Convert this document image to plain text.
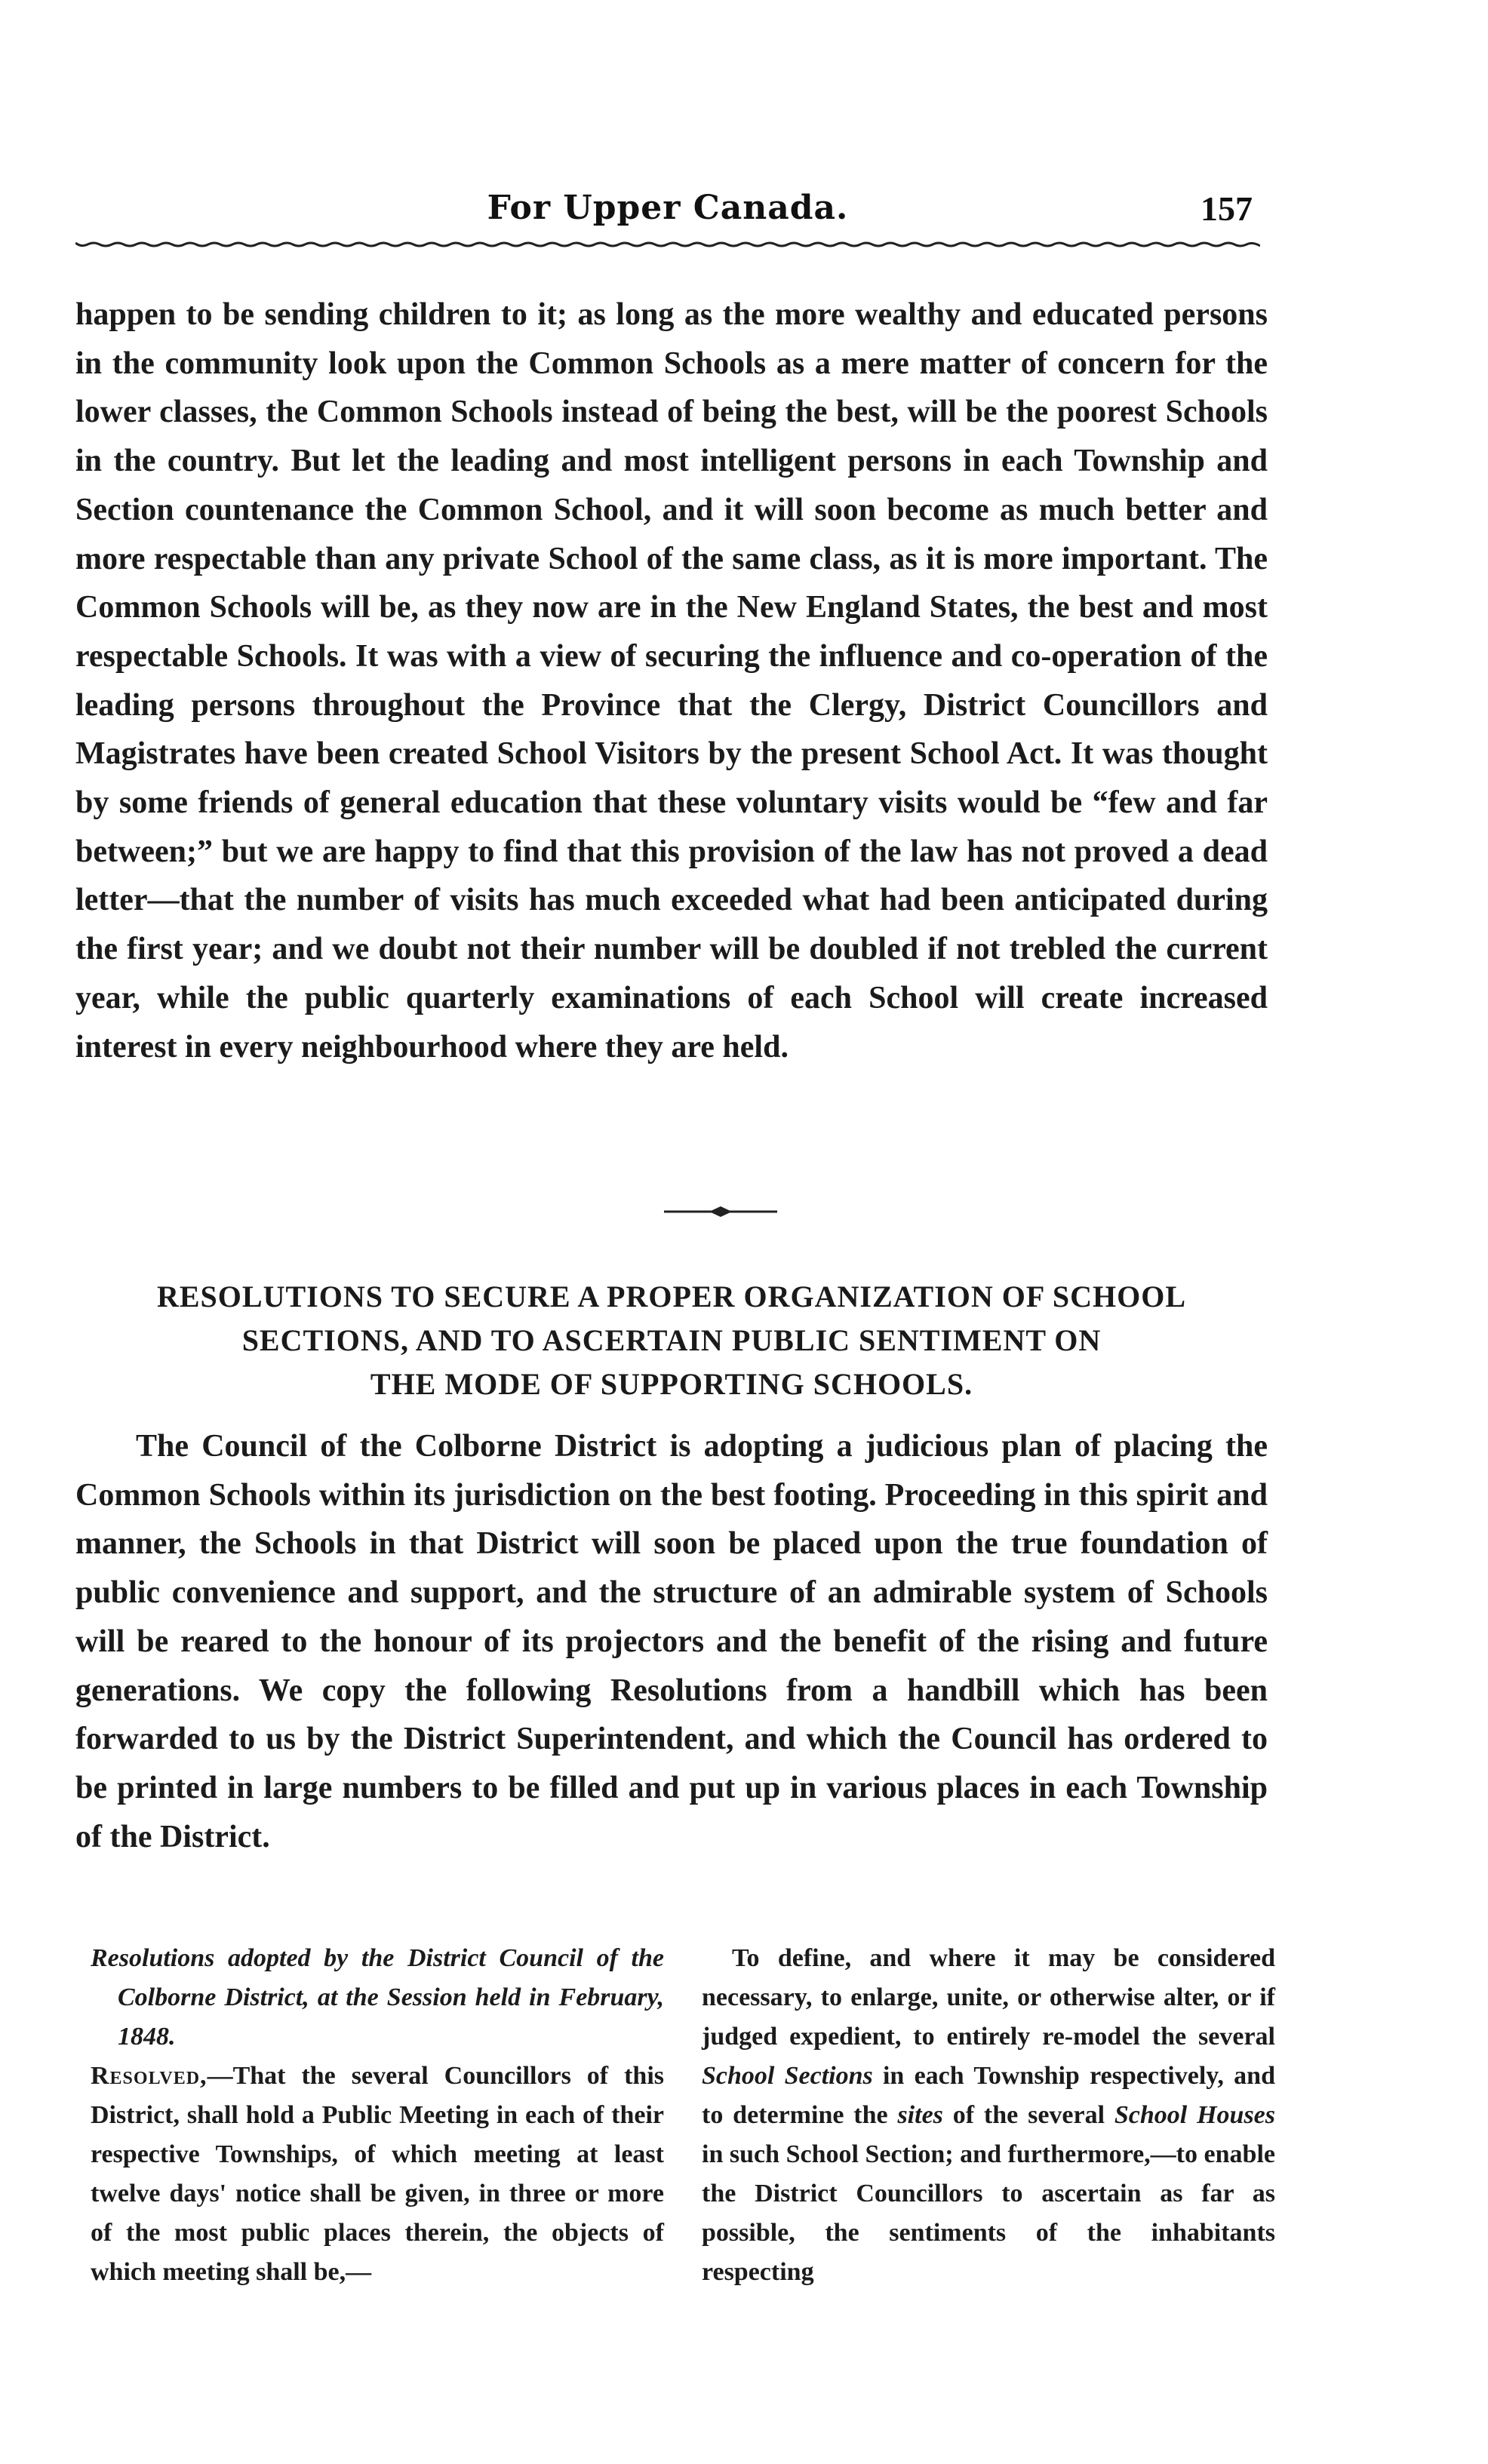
For Upper Canada.	157

happen to be sending children to it; as long as the more wealthy and educated persons in the community look upon the Common Schools as a mere matter of concern for the lower classes, the Common Schools instead of being the best, will be the poorest Schools in the country. But let the leading and most intelligent persons in each Township and Section countenance the Common School, and it will soon become as much better and more respectable than any private School of the same class, as it is more important. The Common Schools will be, as they now are in the New England States, the best and most respectable Schools. It was with a view of securing the influence and co-operation of the leading persons throughout the Province that the Clergy, District Councillors and Magistrates have been created School Visitors by the present School Act. It was thought by some friends of general education that these voluntary visits would be “few and far between;” but we are happy to find that this provision of the law has not proved a dead letter—that the number of visits has much exceeded what had been anticipated during the first year; and we doubt not their number will be doubled if not trebled the current year, while the public quarterly examinations of each School will create increased interest in every neighbourhood where they are held.

RESOLUTIONS TO SECURE A PROPER ORGANIZATION OF SCHOOL
SECTIONS, AND TO ASCERTAIN PUBLIC SENTIMENT ON
THE MODE OF SUPPORTING SCHOOLS.

The Council of the Colborne District is adopting a judicious plan of placing the Common Schools within its jurisdiction on the best footing. Proceeding in this spirit and manner, the Schools in that District will soon be placed upon the true foundation of public convenience and support, and the structure of an admirable system of Schools will be reared to the honour of its projectors and the benefit of the rising and future generations. We copy the following Resolutions from a handbill which has been forwarded to us by the District Superintendent, and which the Council has ordered to be printed in large numbers to be filled and put up in various places in each Township of the District.

Resolutions adopted by the District Council of the Colborne District, at the Session held in February, 1848.

Resolved,—That the several Councillors of this District, shall hold a Public Meeting in each of their respective Townships, of which meeting at least twelve days' notice shall be given, in three or more of the most public places therein, the objects of which meeting shall be,—

To define, and where it may be considered necessary, to enlarge, unite, or otherwise alter, or if judged expedient, to entirely re-model the several School Sections in each Township respectively, and to determine the sites of the several School Houses in such School Section; and furthermore,—to enable the District Councillors to ascertain as far as possible, the sentiments of the inhabitants respecting
